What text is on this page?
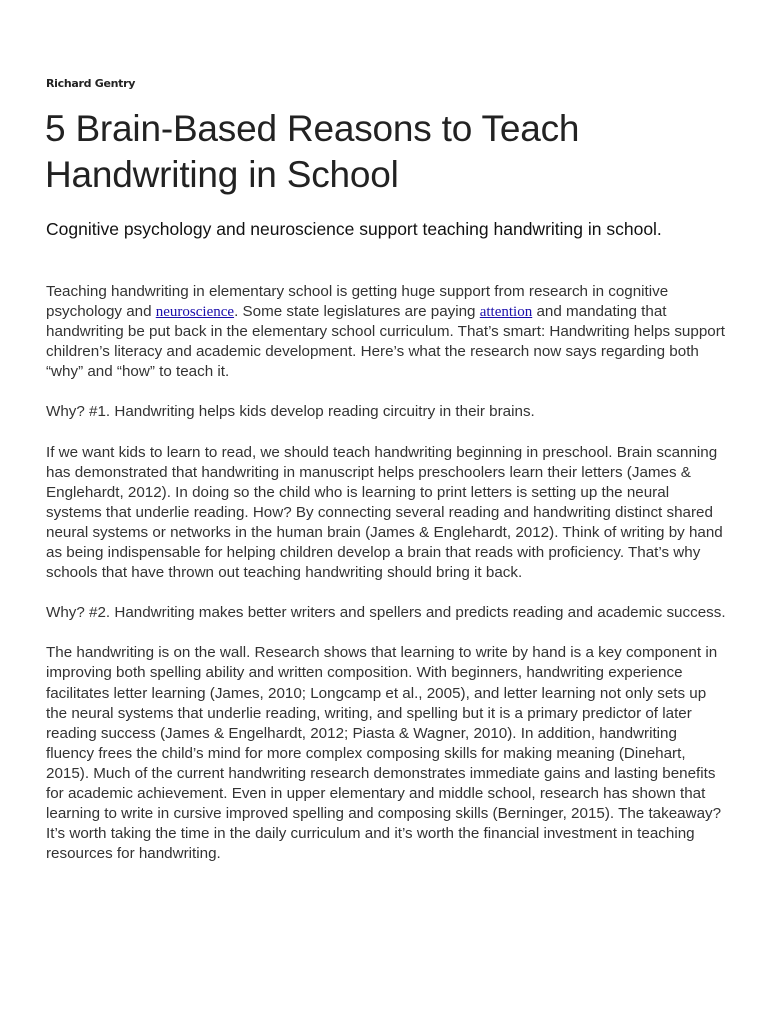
Richard Gentry
5 Brain-Based Reasons to Teach Handwriting in School
Cognitive psychology and neuroscience support teaching handwriting in school.

Teaching handwriting in elementary school is getting huge support from research in cognitive psychology and neuroscience. Some state legislatures are paying attention and mandating that handwriting be put back in the elementary school curriculum. That’s smart: Handwriting helps support children’s literacy and academic development. Here’s what the research now says regarding both “why” and “how” to teach it.

Why? #1. Handwriting helps kids develop reading circuitry in their brains.

If we want kids to learn to read, we should teach handwriting beginning in preschool. Brain scanning has demonstrated that handwriting in manuscript helps preschoolers learn their letters (James & Englehardt, 2012). In doing so the child who is learning to print letters is setting up the neural systems that underlie reading. How? By connecting several reading and handwriting distinct shared neural systems or networks in the human brain (James & Englehardt, 2012). Think of writing by hand as being indispensable for helping children develop a brain that reads with proficiency. That’s why schools that have thrown out teaching handwriting should bring it back.

Why? #2. Handwriting makes better writers and spellers and predicts reading and academic success.

The handwriting is on the wall. Research shows that learning to write by hand is a key component in improving both spelling ability and written composition. With beginners, handwriting experience facilitates letter learning (James, 2010; Longcamp et al., 2005), and letter learning not only sets up the neural systems that underlie reading, writing, and spelling but it is a primary predictor of later reading success (James & Engelhardt, 2012; Piasta & Wagner, 2010). In addition, handwriting fluency frees the child’s mind for more complex composing skills for making meaning (Dinehart, 2015). Much of the current handwriting research demonstrates immediate gains and lasting benefits for academic achievement. Even in upper elementary and middle school, research has shown that learning to write in cursive improved spelling and composing skills (Berninger, 2015). The takeaway? It’s worth taking the time in the daily curriculum and it’s worth the financial investment in teaching resources for handwriting.
